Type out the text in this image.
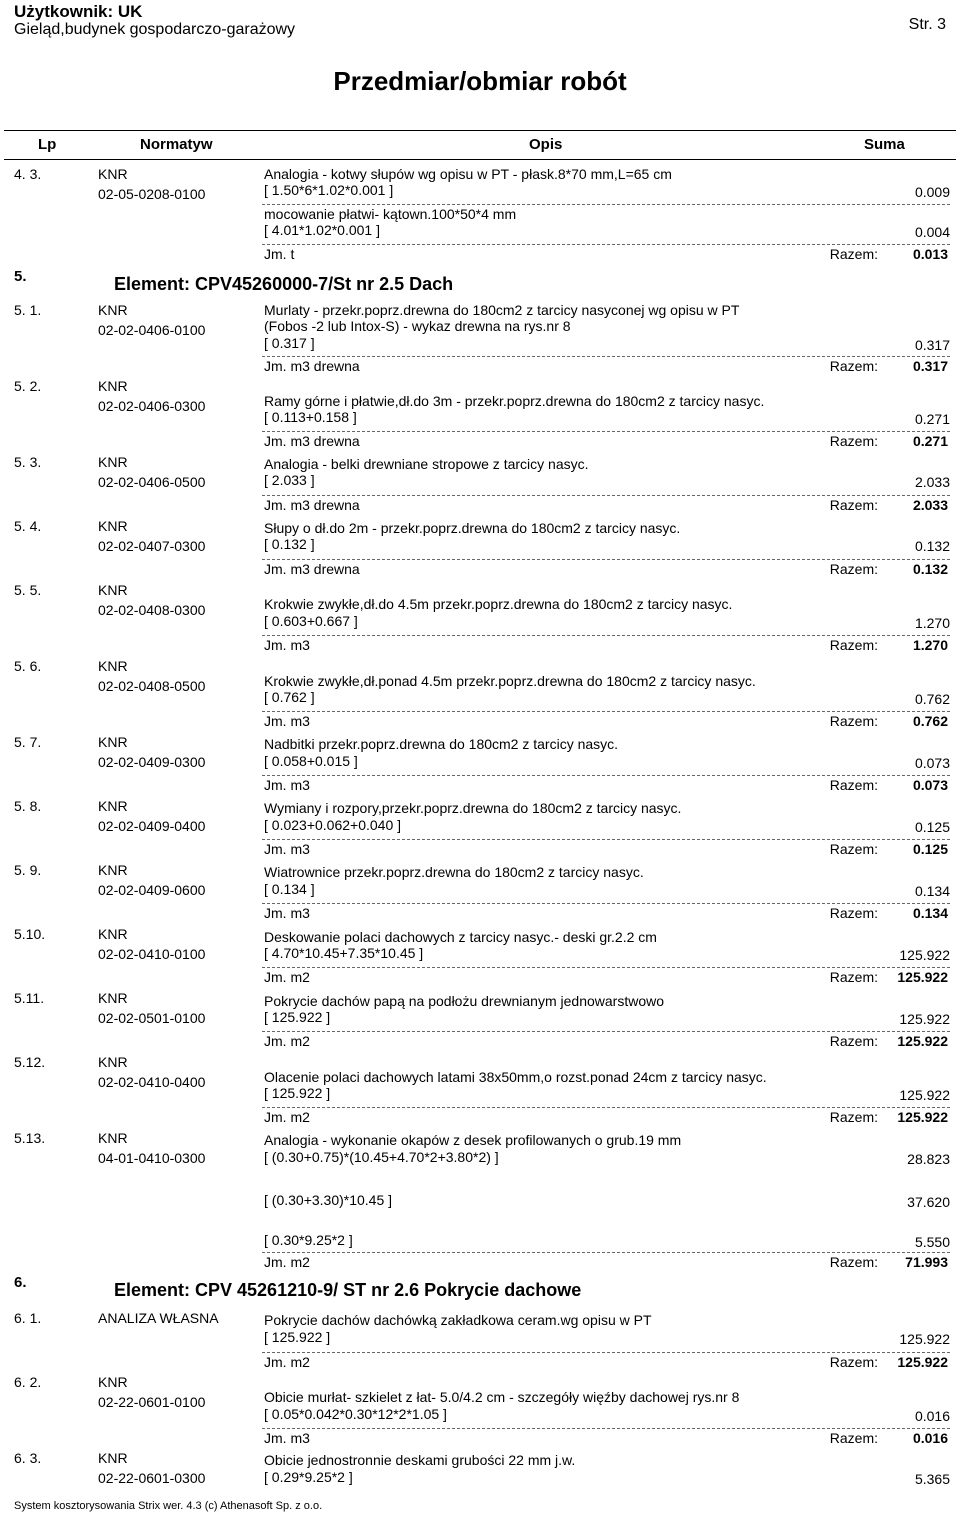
Użytkownik: UK
Gieląd,budynek gospodarczo-garażowy	Str. 3
Przedmiar/obmiar robót
Lp	Normatyw	Opis	Suma
4. 3.	KNR
02-05-0208-0100
Analogia - kotwy słupów wg opisu w PT - płask.8*70 mm,L=65 cm
[ 1.50*6*1.02*0.001 ]	0.009
mocowanie płatwi- kątown.100*50*4 mm
[ 4.01*1.02*0.001 ]	0.004
Jm. t	Razem: 0.013
5.	Element: CPV45260000-7/St nr 2.5 Dach
5. 1.	KNR
02-02-0406-0100
Murlaty - przekr.poprz.drewna do 180cm2 z tarcicy nasyconej wg opisu w PT
(Fobos -2 lub Intox-S) - wykaz drewna na rys.nr 8
[ 0.317 ]	0.317
Jm. m3 drewna	Razem: 0.317
5. 2.	KNR
02-02-0406-0300	Ramy górne i płatwie,dł.do 3m - przekr.poprz.drewna do 180cm2 z tarcicy nasyc.
[ 0.113+0.158 ]	0.271
Jm. m3 drewna	Razem: 0.271
5. 3.	KNR
02-02-0406-0500
Analogia - belki drewniane stropowe z tarcicy nasyc.
[ 2.033 ]	2.033
Jm. m3 drewna	Razem: 2.033
5. 4.	KNR
02-02-0407-0300
Słupy o dł.do 2m - przekr.poprz.drewna do 180cm2 z tarcicy nasyc.
[ 0.132 ]	0.132
Jm. m3 drewna	Razem: 0.132
5. 5.	KNR
02-02-0408-0300	Krokwie zwykłe,dł.do 4.5m przekr.poprz.drewna do 180cm2 z tarcicy nasyc.
[ 0.603+0.667 ]	1.270
Jm. m3	Razem: 1.270
5. 6.	KNR
02-02-0408-0500	Krokwie zwykłe,dł.ponad 4.5m przekr.poprz.drewna do 180cm2 z tarcicy nasyc.
[ 0.762 ]	0.762
Jm. m3	Razem: 0.762
5. 7.	KNR
02-02-0409-0300
Nadbitki przekr.poprz.drewna do 180cm2 z tarcicy nasyc.
[ 0.058+0.015 ]	0.073
Jm. m3	Razem: 0.073
5. 8.	KNR
02-02-0409-0400
Wymiany i rozpory,przekr.poprz.drewna do 180cm2 z tarcicy nasyc.
[ 0.023+0.062+0.040 ]	0.125
Jm. m3	Razem: 0.125
5. 9.	KNR
02-02-0409-0600
Wiatrownice przekr.poprz.drewna do 180cm2 z tarcicy nasyc.
[ 0.134 ]	0.134
Jm. m3	Razem: 0.134
5.10.	KNR
02-02-0410-0100
Deskowanie polaci dachowych z tarcicy nasyc.- deski gr.2.2 cm
[ 4.70*10.45+7.35*10.45 ]	125.922
Jm. m2	Razem: 125.922
5.11.	KNR
02-02-0501-0100
Pokrycie dachów papą na podłożu drewnianym jednowarstwowo
[ 125.922 ]	125.922
Jm. m2	Razem: 125.922
5.12.	KNR
02-02-0410-0400	Olacenie polaci dachowych latami 38x50mm,o rozst.ponad 24cm z tarcicy nasyc.
[ 125.922 ]	125.922
Jm. m2	Razem: 125.922
5.13.	KNR
04-01-0410-0300
Analogia - wykonanie okapów z desek profilowanych o grub.19 mm
[ (0.30+0.75)*(10.45+4.70*2+3.80*2) ]	28.823
[ (0.30+3.30)*10.45 ]	37.620
[ 0.30*9.25*2 ]	5.550
Jm. m2	Razem: 71.993
6.	Element: CPV 45261210-9/ ST nr 2.6 Pokrycie dachowe
6. 1.	ANALIZA WŁASNA	Pokrycie dachów dachówką zakładkowa ceram.wg opisu w PT
[ 125.922 ]	125.922
Jm. m2	Razem: 125.922
6. 2.	KNR
02-22-0601-0100	Obicie murłat- szkielet z łat- 5.0/4.2 cm - szczegóły więźby dachowej rys.nr 8
[ 0.05*0.042*0.30*12*2*1.05 ]	0.016
Jm. m3	Razem: 0.016
6. 3.	KNR
02-22-0601-0300
Obicie jednostronnie deskami grubości 22 mm j.w.
[ 0.29*9.25*2 ]	5.365
System kosztorysowania Strix wer. 4.3 (c) Athenasoft Sp. z o.o.
